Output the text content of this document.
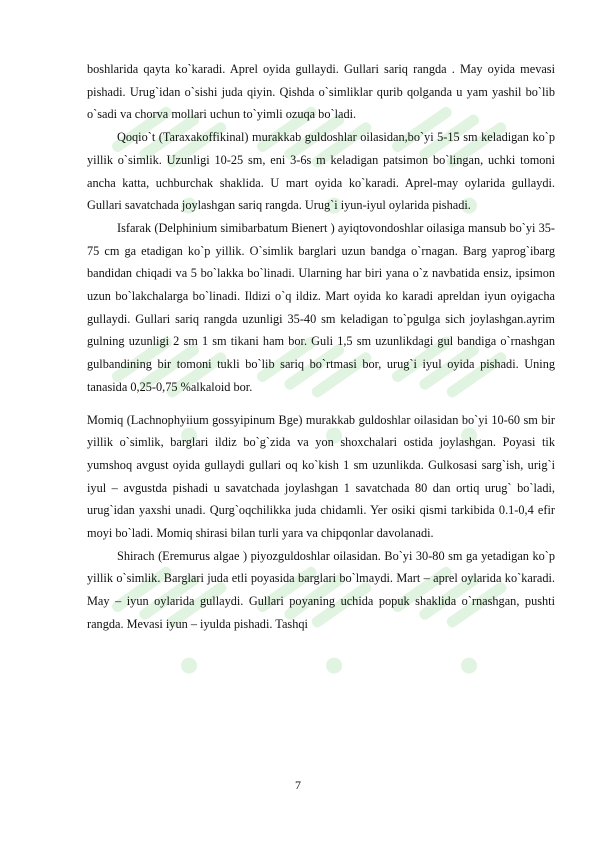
boshlarida qayta ko`karadi. Aprel oyida gullaydi. Gullari sariq rangda . May oyida mevasi pishadi. Urug`idan o`sishi juda qiyin. Qishda o`simliklar qurib qolganda u yam yashil bo`lib o`sadi va chorva mollari uchun to`yimli ozuqa bo`ladi.

Qoqio`t (Taraxakoffikinal) murakkab guldoshlar oilasidan,bo`yi 5-15 sm keladigan ko`p yillik o`simlik. Uzunligi 10-25 sm, eni 3-6s m keladigan patsimon bo`lingan, uchki tomoni ancha katta, uchburchak shaklida. U mart oyida ko`karadi. Aprel-may oylarida gullaydi. Gullari savatchada joylashgan sariq rangda. Urug`i iyun-iyul oylarida pishadi.

Isfarak (Delphinium simibarbatum Bienert ) ayiqtovondoshlar oilasiga mansub bo`yi 35-75 cm ga etadigan ko`p yillik. O`simlik barglari uzun bandga o`rnagan. Barg yaprog`ibarg bandidan chiqadi va 5 bo`lakka bo`linadi. Ularning har biri yana o`z navbatida ensiz, ipsimon uzun bo`lakchalarga bo`linadi. Ildizi o`q ildiz. Mart oyida ko karadi apreldan iyun oyigacha gullaydi. Gullari sariq rangda uzunligi 35-40 sm keladigan to`pgulga sich joylashgan.ayrim gulning uzunligi 2 sm 1 sm tikani ham bor. Guli 1,5 sm uzunlikdagi gul bandiga o`rnashgan gulbandining bir tomoni tukli bo`lib sariq bo`rtmasi bor, urug`i iyul oyida pishadi. Uning tanasida 0,25-0,75 %alkaloid bor.

Momiq (Lachnophyiium gossyipinum Bge) murakkab guldoshlar oilasidan bo`yi 10-60 sm bir yillik o`simlik, barglari ildiz bo`g`zida va yon shoxchalari ostida joylashgan. Poyasi tik yumshoq avgust oyida gullaydi gullari oq ko`kish 1 sm uzunlikda. Gulkosasi sarg`ish, urig`i iyul – avgustda pishadi u savatchada joylashgan 1 savatchada 80 dan ortiq urug` bo`ladi, urug`idan yaxshi unadi. Qurg`oqchilikka juda chidamli. Yer osiki qismi tarkibida 0.1-0,4 efir moyi bo`ladi. Momiq shirasi bilan turli yara va chipqonlar davolanadi.

Shirach (Eremurus algae ) piyozguldoshlar oilasidan. Bo`yi 30-80 sm ga yetadigan ko`p yillik o`simlik. Barglari juda etli poyasida barglari bo`lmaydi. Mart – aprel oylarida ko`karadi. May – iyun oylarida gullaydi. Gullari poyaning uchida popuk shaklida o`rnashgan, pushti rangda. Mevasi iyun – iyulda pishadi. Tashqi

7
